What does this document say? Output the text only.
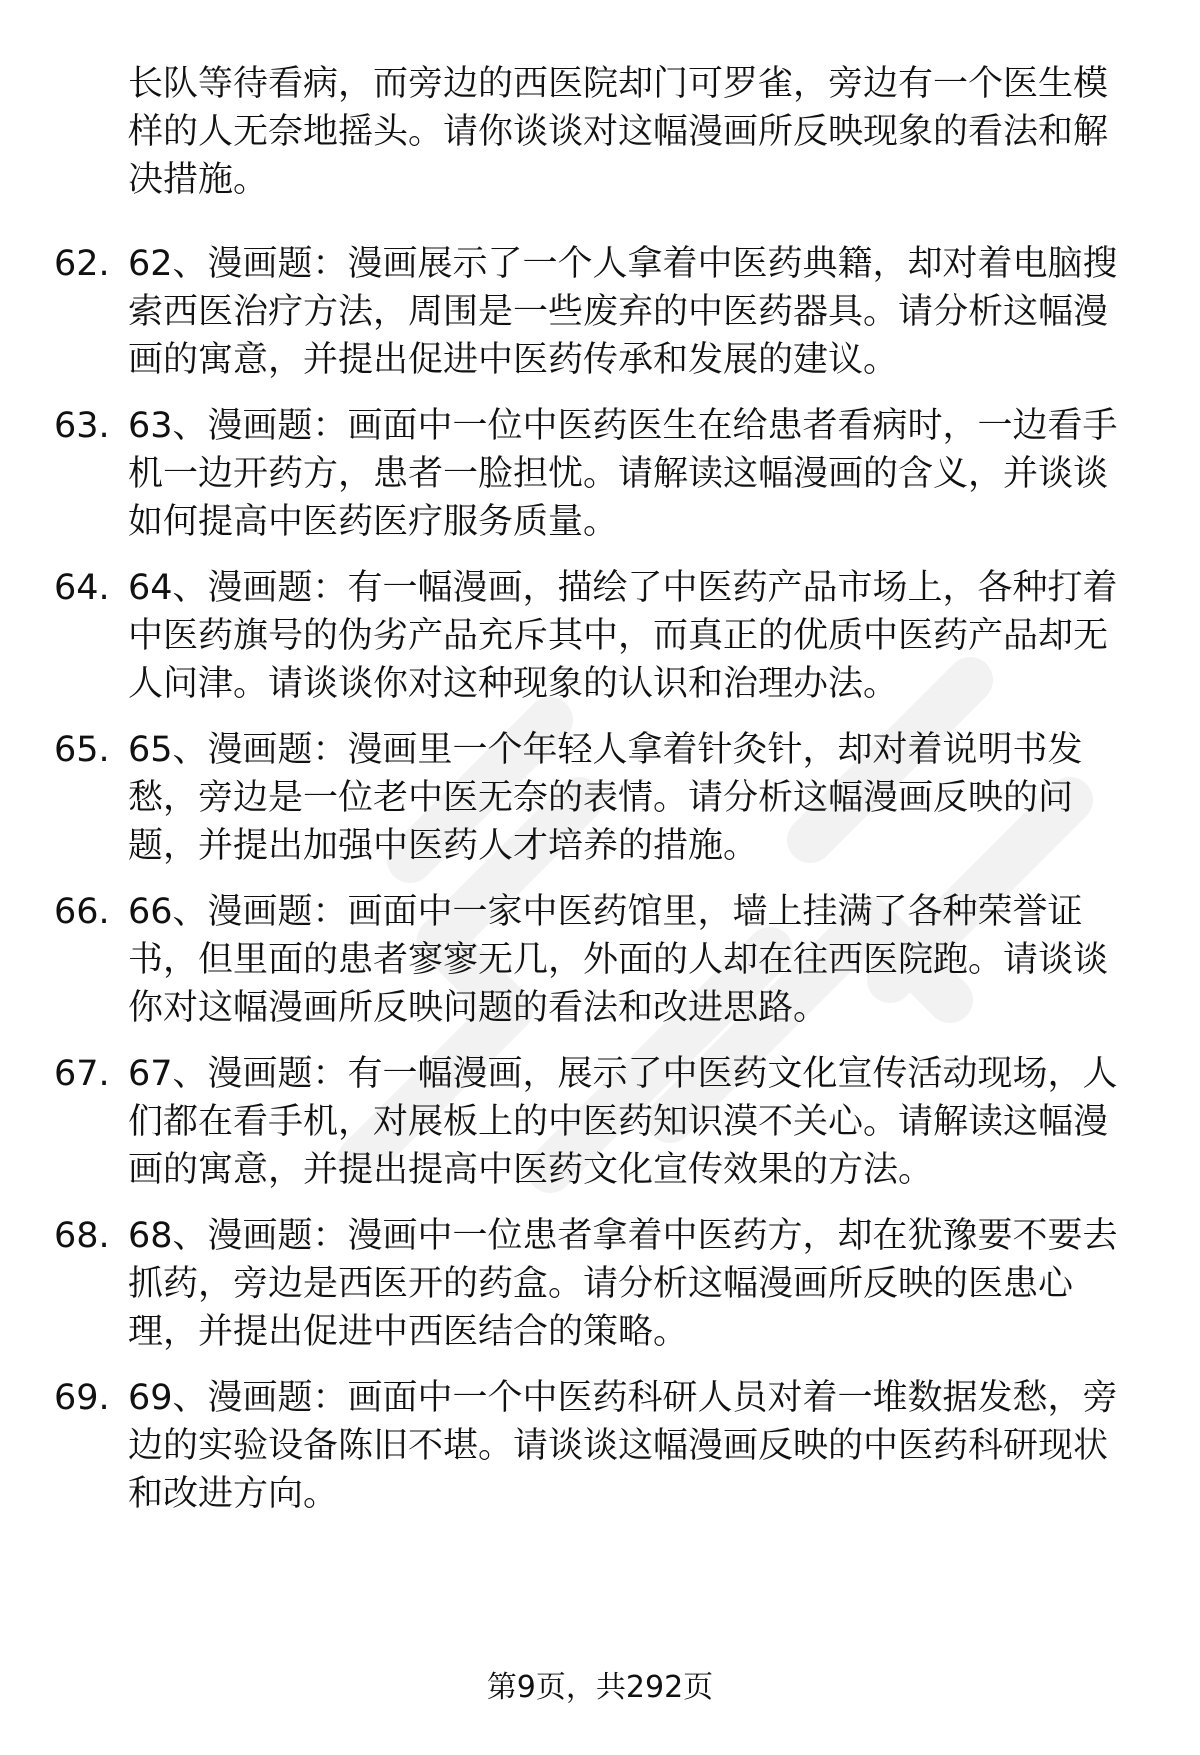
长队等待看病，而旁边的西医院却门可罗雀，旁边有一个医生模样的人无奈地摇头。请你谈谈对这幅漫画所反映现象的看法和解决措施。

62. 62、漫画题：漫画展示了一个人拿着中医药典籍，却对着电脑搜索西医治疗方法，周围是一些废弃的中医药器具。请分析这幅漫画的寓意，并提出促进中医药传承和发展的建议。

63. 63、漫画题：画面中一位中医药医生在给患者看病时，一边看手机一边开药方，患者一脸担忧。请解读这幅漫画的含义，并谈谈如何提高中医药医疗服务质量。

64. 64、漫画题：有一幅漫画，描绘了中医药产品市场上，各种打着中医药旗号的伪劣产品充斥其中，而真正的优质中医药产品却无人问津。请谈谈你对这种现象的认识和治理办法。

65. 65、漫画题：漫画里一个年轻人拿着针灸针，却对着说明书发愁，旁边是一位老中医无奈的表情。请分析这幅漫画反映的问题，并提出加强中医药人才培养的措施。

66. 66、漫画题：画面中一家中医药馆里，墙上挂满了各种荣誉证书，但里面的患者寥寥无几，外面的人却在往西医院跑。请谈谈你对这幅漫画所反映问题的看法和改进思路。

67. 67、漫画题：有一幅漫画，展示了中医药文化宣传活动现场，人们都在看手机，对展板上的中医药知识漠不关心。请解读这幅漫画的寓意，并提出提高中医药文化宣传效果的方法。

68. 68、漫画题：漫画中一位患者拿着中医药方，却在犹豫要不要去抓药，旁边是西医开的药盒。请分析这幅漫画所反映的医患心理，并提出促进中西医结合的策略。

69. 69、漫画题：画面中一个中医药科研人员对着一堆数据发愁，旁边的实验设备陈旧不堪。请谈谈这幅漫画反映的中医药科研现状和改进方向。

第9页，共292页
